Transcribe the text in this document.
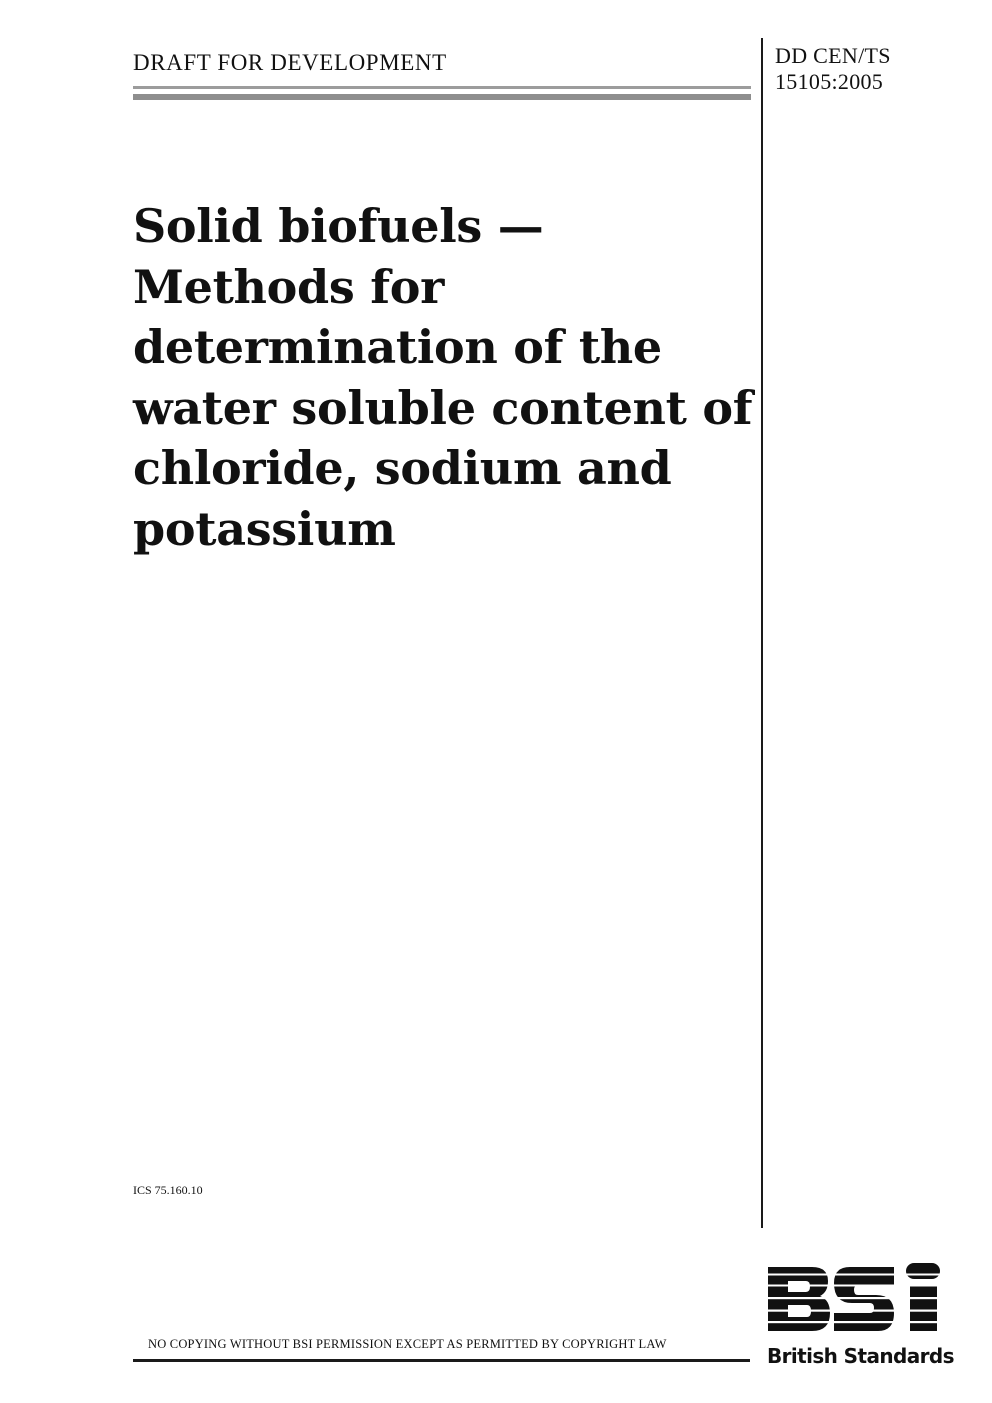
DRAFT FOR DEVELOPMENT	DD CEN/TS
15105:2005
Solid biofuels —
Methods for
determination of the
water soluble content of
chloride, sodium and
potassium
ICS 75.160.10
NO COPYING WITHOUT BSI PERMISSION EXCEPT AS PERMITTED BY COPYRIGHT LAW	British Standards
